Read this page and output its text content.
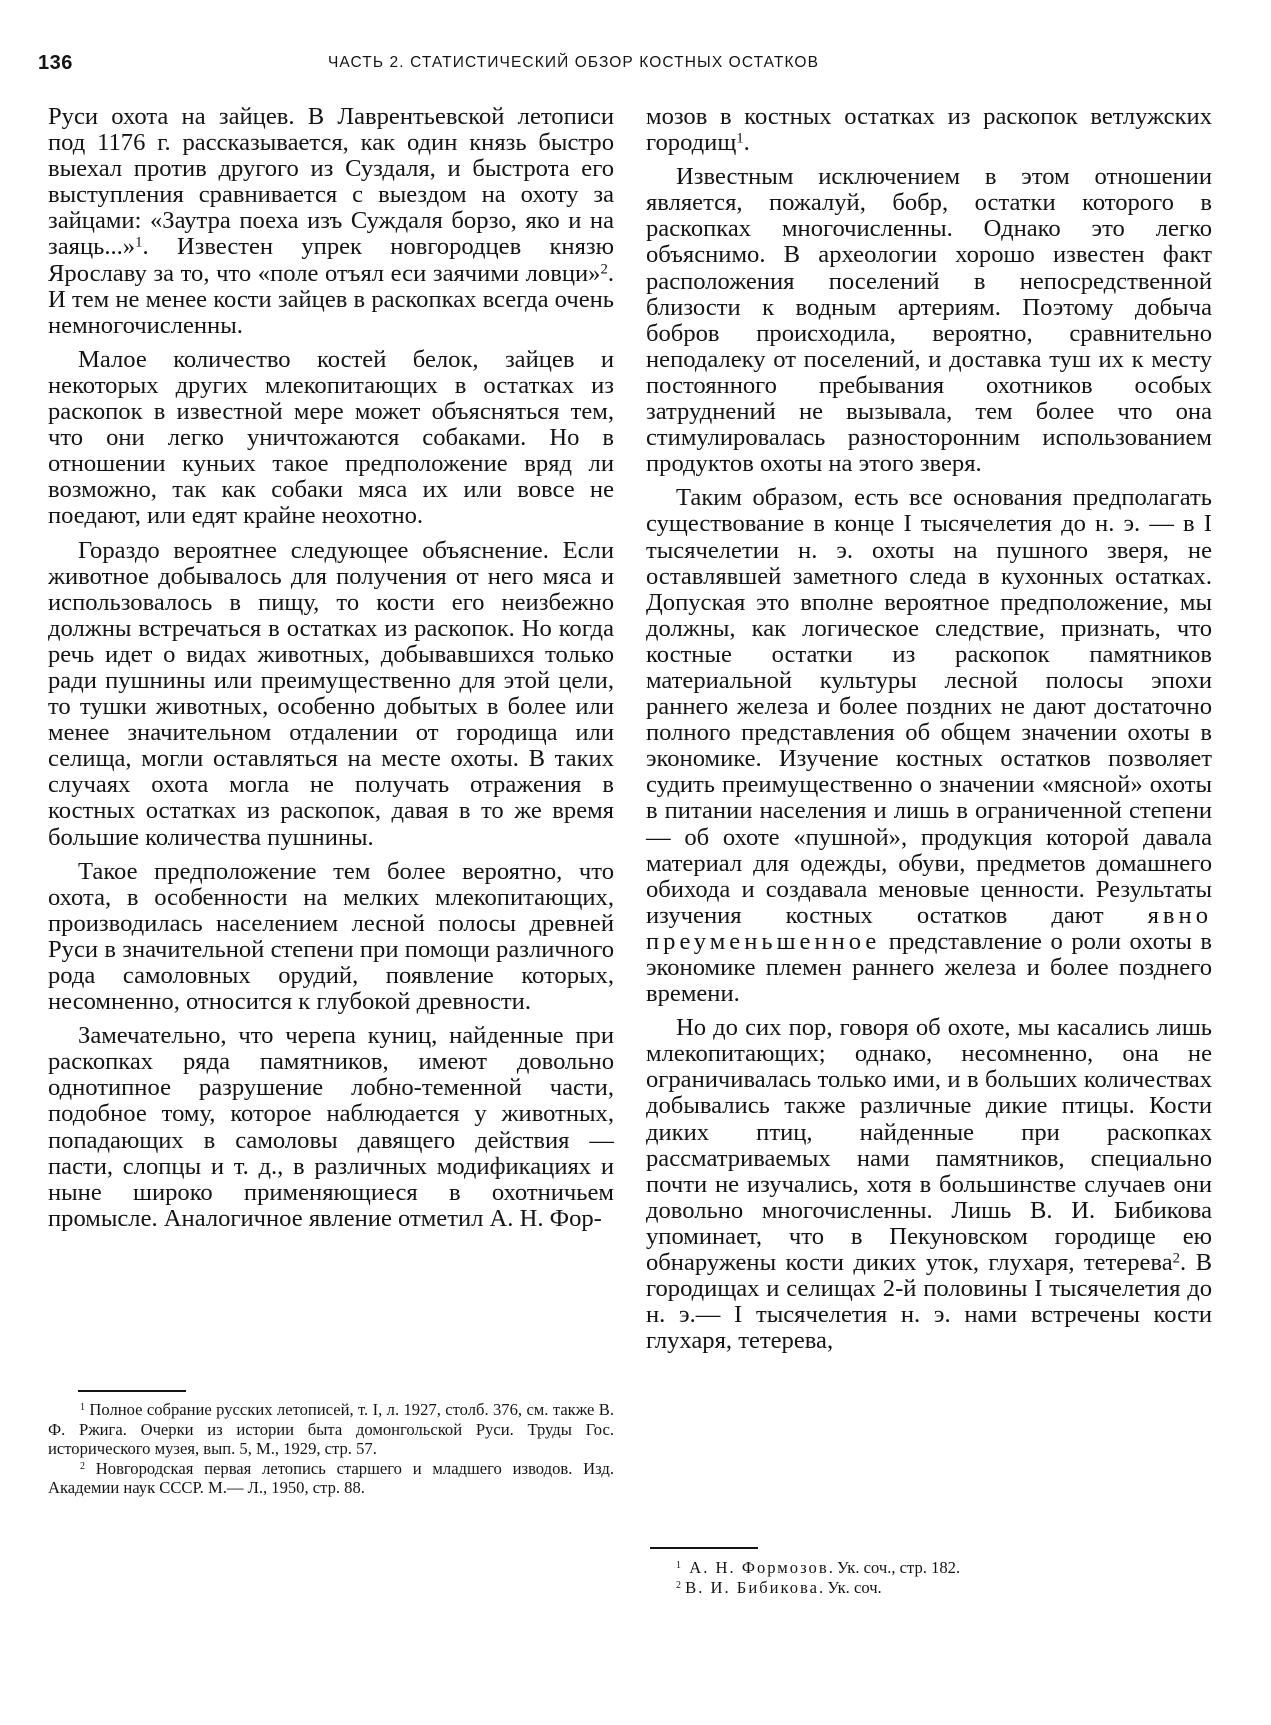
136	ЧАСТЬ 2. СТАТИСТИЧЕСКИЙ ОБЗОР КОСТНЫХ ОСТАТКОВ

Руси охота на зайцев. В Лаврентьевской летописи под 1176 г. рассказывается, как один князь быстро выехал против другого из Суздаля, и быстрота его выступления сравнивается с выездом на охоту за зайцами: «Заутра поеха изъ Суждаля борзо, яко и на заяць...»$^1$. Известен упрек новгородцев князю Ярославу за то, что «поле отъял еси заячими ловци»$^2$. И тем не менее кости зайцев в раскопках всегда очень немногочисленны.

Малое количество костей белок, зайцев и некоторых других млекопитающих в остатках из раскопок в известной мере может объясняться тем, что они легко уничтожаются собаками. Но в отношении куньих такое предположение вряд ли возможно, так как собаки мяса их или вовсе не поедают, или едят крайне неохотно.

Гораздо вероятнее следующее объяснение. Если животное добывалось для получения от него мяса и использовалось в пищу, то кости его неизбежно должны встречаться в остатках из раскопок. Но когда речь идет о видах животных, добывавшихся только ради пушнины или преимущественно для этой цели, то тушки животных, особенно добытых в более или менее значительном отдалении от городища или селища, могли оставляться на месте охоты. В таких случаях охота могла не получать отражения в костных остатках из раскопок, давая в то же время большие количества пушнины.

Такое предположение тем более вероятно, что охота, в особенности на мелких млекопитающих, производилась населением лесной полосы древней Руси в значительной степени при помощи различного рода самоловных орудий, появление которых, несомненно, относится к глубокой древности.

Замечательно, что черепа куниц, найденные при раскопках ряда памятников, имеют довольно однотипное разрушение лобно-теменной части, подобное тому, которое наблюдается у животных, попадающих в самоловы давящего действия — пасти, слопцы и т. д., в различных модификациях и ныне широко применяющиеся в охотничьем промысле. Аналогичное явление отметил А. Н. Фор-

мозов в костных остатках из раскопок ветлужских городищ$^1$.

Известным исключением в этом отношении является, пожалуй, бобр, остатки которого в раскопках многочисленны. Однако это легко объяснимо. В археологии хорошо известен факт расположения поселений в непосредственной близости к водным артериям. Поэтому добыча бобров происходила, вероятно, сравнительно неподалеку от поселений, и доставка туш их к месту постоянного пребывания охотников особых затруднений не вызывала, тем более что она стимулировалась разносторонним использованием продуктов охоты на этого зверя.

Таким образом, есть все основания предполагать существование в конце I тысячелетия до н. э. — в I тысячелетии н. э. охоты на пушного зверя, не оставлявшей заметного следа в кухонных остатках. Допуская это вполне вероятное предположение, мы должны, как логическое следствие, признать, что костные остатки из раскопок памятников материальной культуры лесной полосы эпохи раннего железа и более поздних не дают достаточно полного представления об общем значении охоты в экономике. Изучение костных остатков позволяет судить преимущественно о значении «мясной» охоты в питании населения и лишь в ограниченной степени — об охоте «пушной», продукция которой давала материал для одежды, обуви, предметов домашнего обихода и создавала меновые ценности. Результаты изучения костных остатков дают явно преуменьшенное представление о роли охоты в экономике племен раннего железа и более позднего времени.

Но до сих пор, говоря об охоте, мы касались лишь млекопитающих; однако, несомненно, она не ограничивалась только ими, и в больших количествах добывались также различные дикие птицы. Кости диких птиц, найденные при раскопках рассматриваемых нами памятников, специально почти не изучались, хотя в большинстве случаев они довольно многочисленны. Лишь В. И. Бибикова упоминает, что в Пекуновском городище ею обнаружены кости диких уток, глухаря, тетерева$^2$. В городищах и селищах 2-й половины I тысячелетия до н. э.— I тысячелетия н. э. нами встречены кости глухаря, тетерева,

$^1$ Полное собрание русских летописей, т. I, л. 1927, столб. 376, см. также В. Ф. Ржига. Очерки из истории быта домонгольской Руси. Труды Гос. исторического музея, вып. 5, М., 1929, стр. 57.

$^2$ Новгородская первая летопись старшего и младшего изводов. Изд. Академии наук СССР. М.— Л., 1950, стр. 88.

$^1$ А. Н. Формозов. Ук. соч., стр. 182.

$^2$ В. И. Бибикова. Ук. соч.
